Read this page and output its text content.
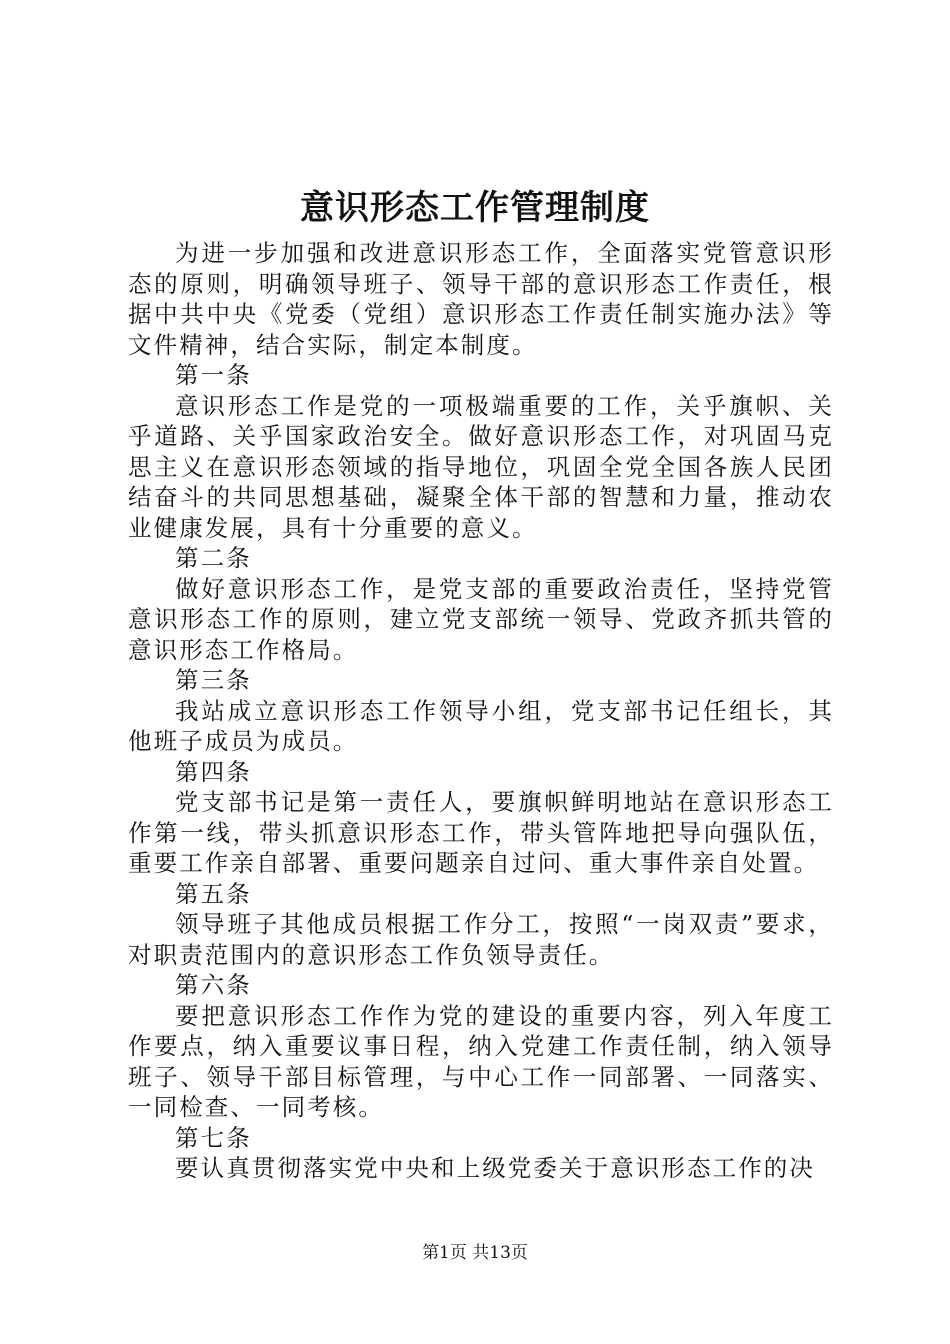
意识形态工作管理制度

为进一步加强和改进意识形态工作，全面落实党管意识形态的原则，明确领导班子、领导干部的意识形态工作责任，根据中共中央《党委（党组）意识形态工作责任制实施办法》等文件精神，结合实际，制定本制度。

第一条

意识形态工作是党的一项极端重要的工作，关乎旗帜、关乎道路、关乎国家政治安全。做好意识形态工作，对巩固马克思主义在意识形态领域的指导地位，巩固全党全国各族人民团结奋斗的共同思想基础，凝聚全体干部的智慧和力量，推动农业健康发展，具有十分重要的意义。

第二条

做好意识形态工作，是党支部的重要政治责任，坚持党管意识形态工作的原则，建立党支部统一领导、党政齐抓共管的意识形态工作格局。

第三条

我站成立意识形态工作领导小组，党支部书记任组长，其他班子成员为成员。

第四条

党支部书记是第一责任人，要旗帜鲜明地站在意识形态工作第一线，带头抓意识形态工作，带头管阵地把导向强队伍，重要工作亲自部署、重要问题亲自过问、重大事件亲自处置。

第五条

领导班子其他成员根据工作分工，按照“一岗双责”要求，对职责范围内的意识形态工作负领导责任。

第六条

要把意识形态工作作为党的建设的重要内容，列入年度工作要点，纳入重要议事日程，纳入党建工作责任制，纳入领导班子、领导干部目标管理，与中心工作一同部署、一同落实、一同检查、一同考核。

第七条

要认真贯彻落实党中央和上级党委关于意识形态工作的决

第1页 共13页
